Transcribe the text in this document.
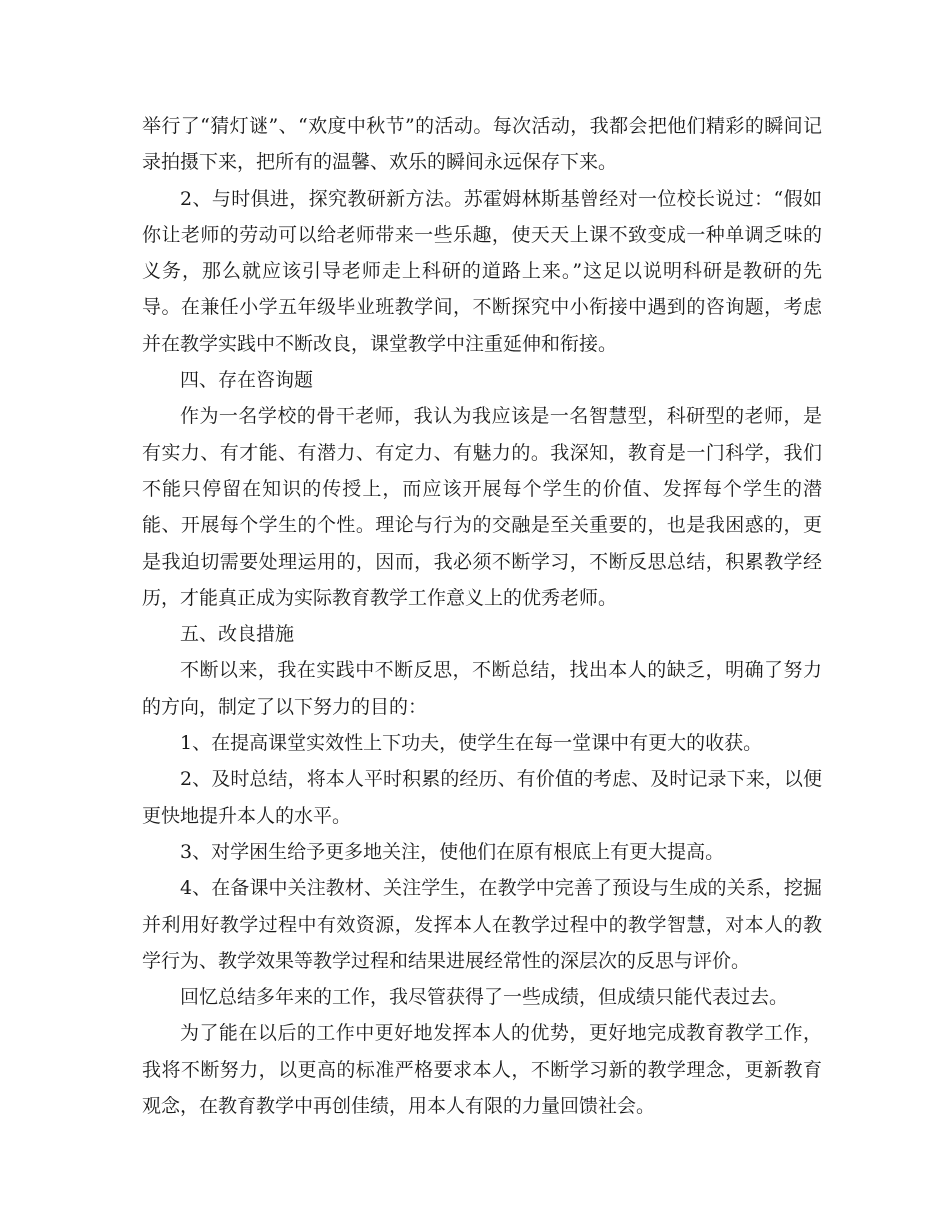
举行了“猜灯谜”、“欢度中秋节”的活动。每次活动，我都会把他们精彩的瞬间记录拍摄下来，把所有的温馨、欢乐的瞬间永远保存下来。

2、与时俱进，探究教研新方法。苏霍姆林斯基曾经对一位校长说过：“假如你让老师的劳动可以给老师带来一些乐趣，使天天上课不致变成一种单调乏味的义务，那么就应该引导老师走上科研的道路上来。”这足以说明科研是教研的先导。在兼任小学五年级毕业班教学间，不断探究中小衔接中遇到的咨询题，考虑并在教学实践中不断改良，课堂教学中注重延伸和衔接。

四、存在咨询题

作为一名学校的骨干老师，我认为我应该是一名智慧型，科研型的老师，是有实力、有才能、有潜力、有定力、有魅力的。我深知，教育是一门科学，我们不能只停留在知识的传授上，而应该开展每个学生的价值、发挥每个学生的潜能、开展每个学生的个性。理论与行为的交融是至关重要的，也是我困惑的，更是我迫切需要处理运用的，因而，我必须不断学习，不断反思总结，积累教学经历，才能真正成为实际教育教学工作意义上的优秀老师。

五、改良措施

不断以来，我在实践中不断反思，不断总结，找出本人的缺乏，明确了努力的方向，制定了以下努力的目的：

1、在提高课堂实效性上下功夫，使学生在每一堂课中有更大的收获。

2、及时总结，将本人平时积累的经历、有价值的考虑、及时记录下来，以便更快地提升本人的水平。

3、对学困生给予更多地关注，使他们在原有根底上有更大提高。

4、在备课中关注教材、关注学生，在教学中完善了预设与生成的关系，挖掘并利用好教学过程中有效资源，发挥本人在教学过程中的教学智慧，对本人的教学行为、教学效果等教学过程和结果进展经常性的深层次的反思与评价。

回忆总结多年来的工作，我尽管获得了一些成绩，但成绩只能代表过去。

为了能在以后的工作中更好地发挥本人的优势，更好地完成教育教学工作，我将不断努力，以更高的标准严格要求本人，不断学习新的教学理念，更新教育观念，在教育教学中再创佳绩，用本人有限的力量回馈社会。
